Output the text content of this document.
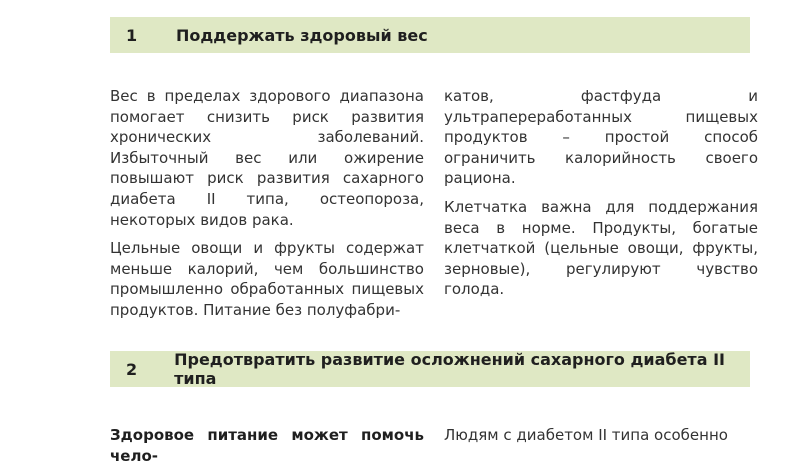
1	Поддержать здоровый вес

Вес в пределах здорового диапазона помогает снизить риск развития хронических заболеваний. Избыточный вес или ожирение повышают риск развития сахарного диабета II типа, остеопороза, некоторых видов рака.

Цельные овощи и фрукты содержат меньше калорий, чем большинство промышленно обработанных пищевых продуктов. Питание без полуфабри-

катов, фастфуда и ультрапереработанных пищевых продуктов – простой способ ограничить калорийность своего рациона.

Клетчатка важна для поддержания веса в норме. Продукты, богатые клетчаткой (цельные овощи, фрукты, зерновые), регулируют чувство голода.

2	Предотвратить развитие осложнений сахарного диабета II типа

Здоровое питание может помочь чело-

Людям с диабетом II типа особенно
